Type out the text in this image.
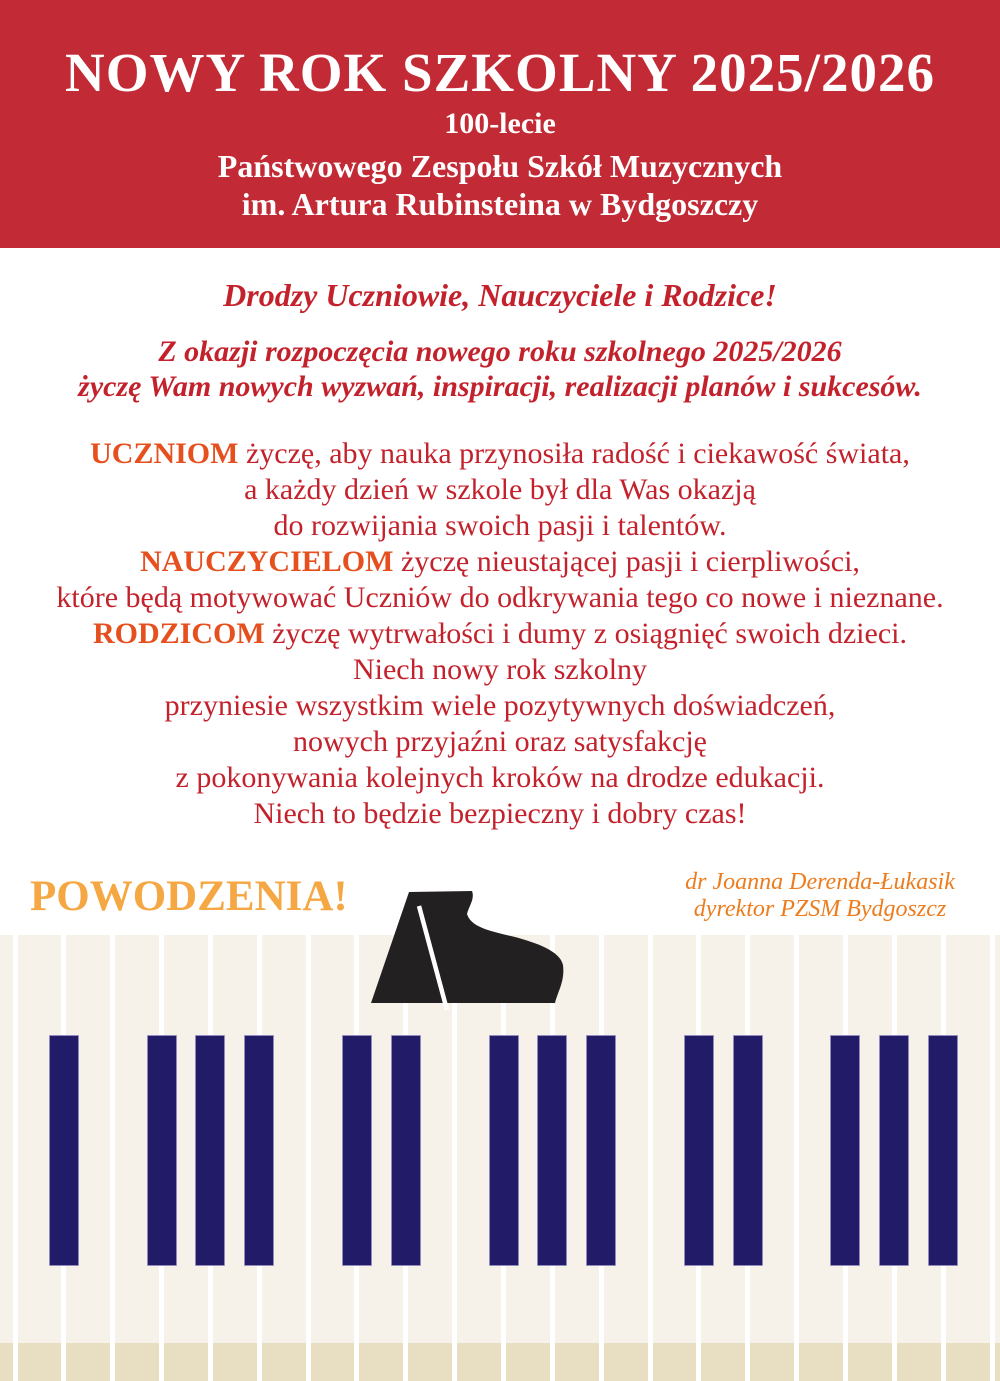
NOWY ROK SZKOLNY 2025/2026
100-lecie
Państwowego Zespołu Szkół Muzycznych
im. Artura Rubinsteina w Bydgoszczy
Drodzy Uczniowie, Nauczyciele i Rodzice!
Z okazji rozpoczęcia nowego roku szkolnego 2025/2026
życzę Wam nowych wyzwań, inspiracji, realizacji planów i sukcesów.
UCZNIOM życzę, aby nauka przynosiła radość i ciekawość świata,
a każdy dzień w szkole był dla Was okazją
do rozwijania swoich pasji i talentów.
NAUCZYCIELOM życzę nieustającej pasji i cierpliwości,
które będą motywować Uczniów do odkrywania tego co nowe i nieznane.
RODZICOM życzę wytrwałości i dumy z osiągnięć swoich dzieci.
Niech nowy rok szkolny
przyniesie wszystkim wiele pozytywnych doświadczeń,
nowych przyjaźni oraz satysfakcję
z pokonywania kolejnych kroków na drodze edukacji.
Niech to będzie bezpieczny i dobry czas!
POWODZENIA!	dr Joanna Derenda-Łukasik
dyrektor PZSM Bydgoszcz
